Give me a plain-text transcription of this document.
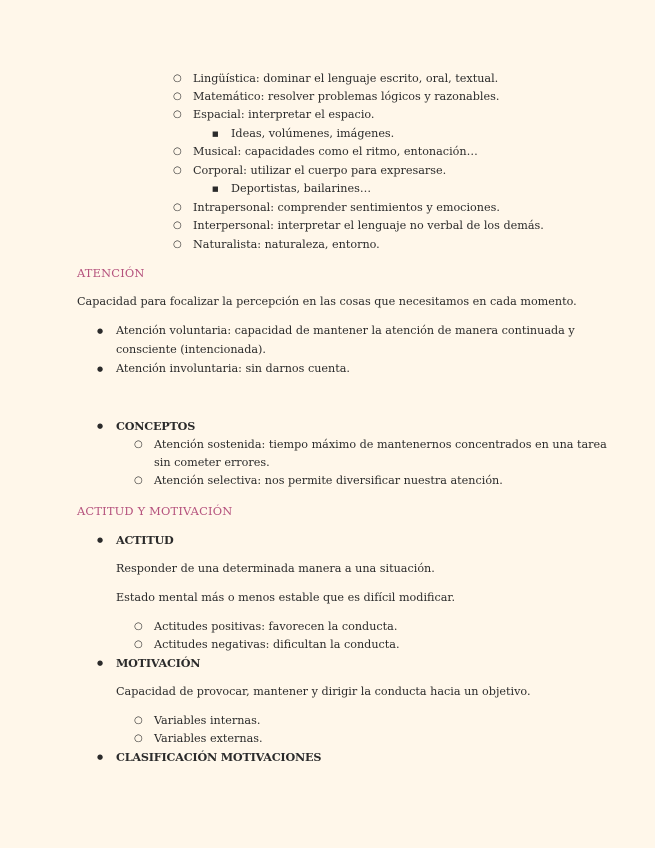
○ Lingüística: dominar el lenguaje escrito, oral, textual.
○ Matemático: resolver problemas lógicos y razonables.
○ Espacial: interpretar el espacio.
■ Ideas, volúmenes, imágenes.
○ Musical: capacidades como el ritmo, entonación…
○ Corporal: utilizar el cuerpo para expresarse.
■ Deportistas, bailarines…
○ Intrapersonal: comprender sentimientos y emociones.
○ Interpersonal: interpretar el lenguaje no verbal de los demás.
○ Naturalista: naturaleza, entorno.
ATENCIÓN
Capacidad para focalizar la percepción en las cosas que necesitamos en cada momento.
● Atención voluntaria: capacidad de mantener la atención de manera continuada y
consciente (intencionada).
● Atención involuntaria: sin darnos cuenta.
● CONCEPTOS
○ Atención sostenida: tiempo máximo de mantenernos concentrados en una tarea
sin cometer errores.
○ Atención selectiva: nos permite diversificar nuestra atención.
ACTITUD Y MOTIVACIÓN
● ACTITUD
Responder de una determinada manera a una situación.
Estado mental más o menos estable que es difícil modificar.
○ Actitudes positivas: favorecen la conducta.
○ Actitudes negativas: dificultan la conducta.
● MOTIVACIÓN
Capacidad de provocar, mantener y dirigir la conducta hacia un objetivo.
○ Variables internas.
○ Variables externas.
● CLASIFICACIÓN MOTIVACIONES
